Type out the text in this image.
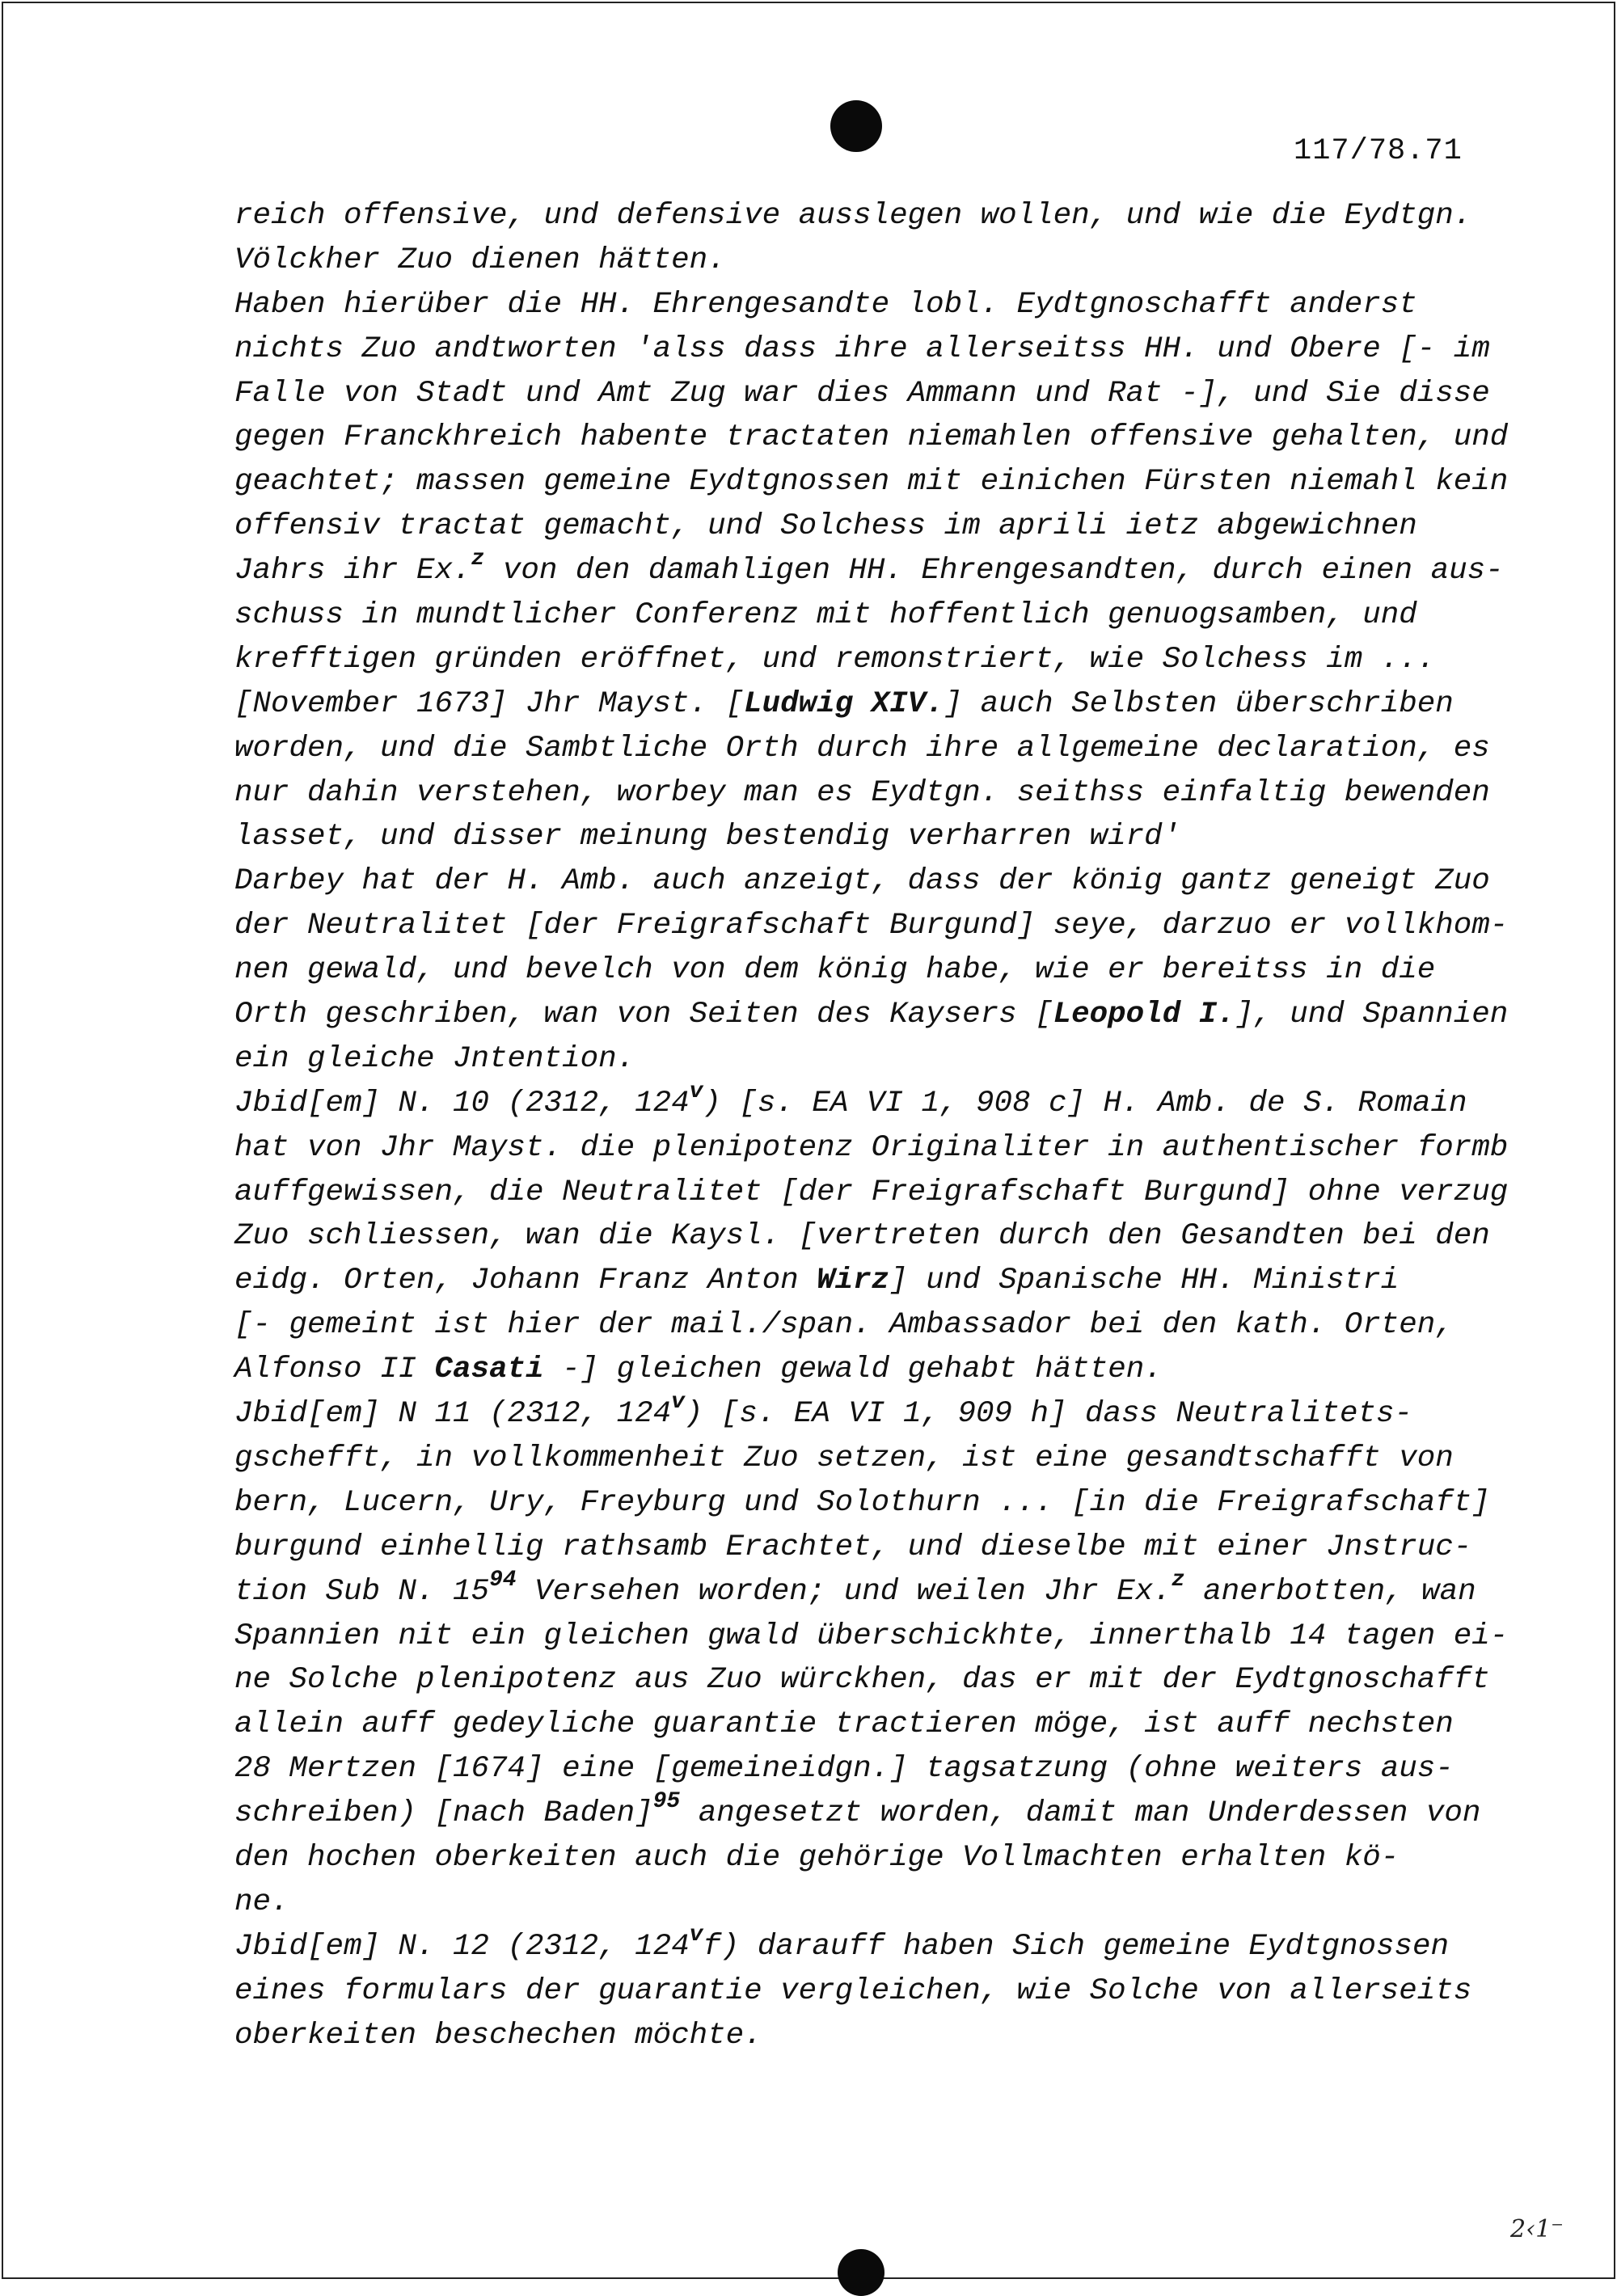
117/78.71
reich offensive, und defensive ausslegen wollen, und wie die Eydtgn.
Völckher Zuo dienen hätten.
Haben hierüber die HH. Ehrengesandte lobl. Eydtgnoschafft anderst
nichts Zuo andtworten 'alss dass ihre allerseitss HH. und Obere [- im
Falle von Stadt und Amt Zug war dies Ammann und Rat -], und Sie disse
gegen Franckhreich habente tractaten niemahlen offensive gehalten, und
geachtet; massen gemeine Eydtgnossen mit einichen Fürsten niemahl kein
offensiv tractat gemacht, und Solchess im aprili ietz abgewichnen
Jahrs ihr Ex.$^z$ von den damahligen HH. Ehrengesandten, durch einen aus-
schuss in mundtlicher Conferenz mit hoffentlich genuogsamben, und
krefftigen gründen eröffnet, und remonstriert, wie Solchess im ...
[November 1673] Jhr Mayst. [Ludwig XIV.] auch Selbsten überschriben
worden, und die Sambtliche Orth durch ihre allgemeine declaration, es
nur dahin verstehen, worbey man es Eydtgn. seithss einfaltig bewenden
lasset, und disser meinung bestendig verharren wird'
Darbey hat der H. Amb. auch anzeigt, dass der könig gantz geneigt Zuo
der Neutralitet [der Freigrafschaft Burgund] seye, darzuo er vollkhom-
nen gewald, und bevelch von dem könig habe, wie er bereitss in die
Orth geschriben, wan von Seiten des Kaysers [Leopold I.], und Spannien
ein gleiche Jntention.
Jbid[em] N. 10 (2312, 124$^v$) [s. EA VI 1, 908 c] H. Amb. de S. Romain
hat von Jhr Mayst. die plenipotenz Originaliter in authentischer formb
auffgewissen, die Neutralitet [der Freigrafschaft Burgund] ohne verzug
Zuo schliessen, wan die Kaysl. [vertreten durch den Gesandten bei den
eidg. Orten, Johann Franz Anton Wirz] und Spanische HH. Ministri
[- gemeint ist hier der mail./span. Ambassador bei den kath. Orten,
Alfonso II Casati -] gleichen gewald gehabt hätten.
Jbid[em] N 11 (2312, 124$^v$) [s. EA VI 1, 909 h] dass Neutralitets-
gschefft, in vollkommenheit Zuo setzen, ist eine gesandtschafft von
bern, Lucern, Ury, Freyburg und Solothurn ... [in die Freigrafschaft]
burgund einhellig rathsamb Erachtet, und dieselbe mit einer Jnstruc-
tion Sub N. $15^{94}$ Versehen worden; und weilen Jhr Ex.$^z$ anerbotten, wan
Spannien nit ein gleichen gwald überschickhte, innerthalb 14 tagen ei-
ne Solche plenipotenz aus Zuo würckhen, das er mit der Eydtgnoschafft
allein auff gedeyliche guarantie tractieren möge, ist auff nechsten
28 Mertzen [1674] eine [gemeineidgn.] tagsatzung (ohne weiters aus-
schreiben) [nach Baden]$^{95}$ angesetzt worden, damit man Underdessen von
den hochen oberkeiten auch die gehörige Vollmachten erhalten kö-
ne.
Jbid[em] N. 12 (2312, 124$^v$f) darauff haben Sich gemeine Eydtgnossen
eines formulars der guarantie vergleichen, wie Solche von allerseits
oberkeiten beschechen möchte.
2‹1⁻
